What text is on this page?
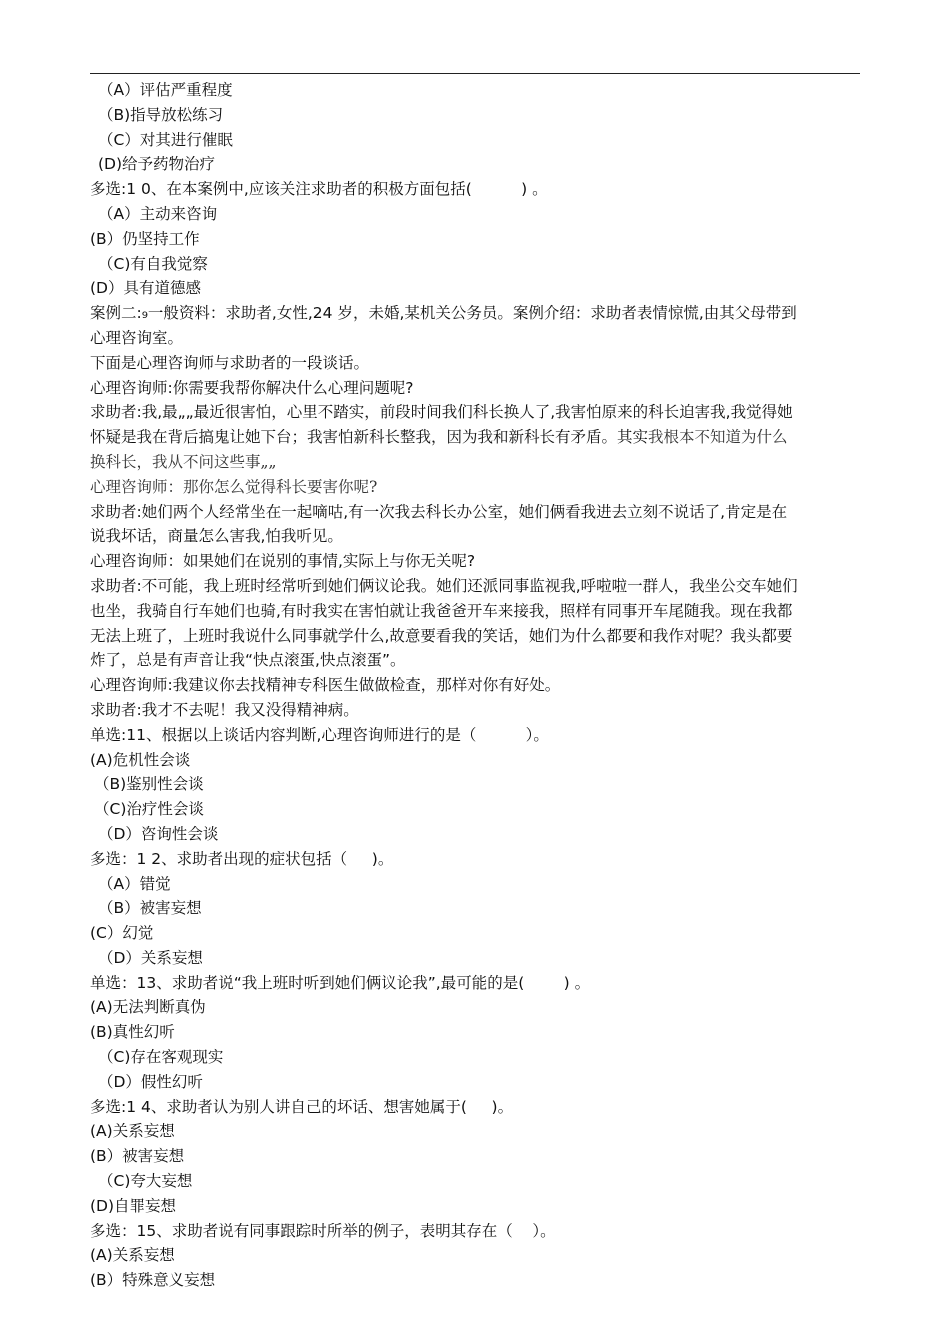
（A）评估严重程度

（B)指导放松练习

（C）对其进行催眠

(D)给予药物治疗

多选:1 0、在本案例中,应该关注求助者的积极方面包括(          ) 。

（A）主动来咨询

(B）仍坚持工作

（C)有自我觉察

(D）具有道德感

案例二:₉一般资料：求助者,女性,24 岁，未婚,某机关公务员。案例介绍：求助者表情惊慌,由其父母带到

心理咨询室。

下面是心理咨询师与求助者的一段谈话。

心理咨询师:你需要我帮你解决什么心理问题呢?

求助者:我,最„„最近很害怕，心里不踏实，前段时间我们科长换人了,我害怕原来的科长迫害我,我觉得她

怀疑是我在背后搞鬼让她下台；我害怕新科长整我，因为我和新科长有矛盾。其实我根本不知道为什么

换科长，我从不问这些事„„

心理咨询师：那你怎么觉得科长要害你呢?

求助者:她们两个人经常坐在一起嘀咕,有一次我去科长办公室，她们俩看我进去立刻不说话了,肯定是在

说我坏话，商量怎么害我,怕我听见。

心理咨询师：如果她们在说别的事情,实际上与你无关呢?

求助者:不可能，我上班时经常听到她们俩议论我。她们还派同事监视我,呼啦啦一群人，我坐公交车她们

也坐，我骑自行车她们也骑,有时我实在害怕就让我爸爸开车来接我，照样有同事开车尾随我。现在我都

无法上班了，上班时我说什么同事就学什么,故意要看我的笑话，她们为什么都要和我作对呢？我头都要

炸了，总是有声音让我“快点滚蛋,快点滚蛋”。

心理咨询师:我建议你去找精神专科医生做做检查，那样对你有好处。

求助者:我才不去呢！我又没得精神病。

单选:11、根据以上谈话内容判断,心理咨询师进行的是（          ）。

(A)危机性会谈

（B)鉴别性会谈

（C)治疗性会谈

（D）咨询性会谈

多选：1 2、求助者出现的症状包括（     )。

（A）错觉

（B）被害妄想

(C）幻觉

（D）关系妄想

单选：13、求助者说“我上班时听到她们俩议论我”,最可能的是(        ) 。

(A)无法判断真伪

(B)真性幻听

（C)存在客观现实

（D）假性幻听

多选:1 4、求助者认为别人讲自己的坏话、想害她属于(     )。

(A)关系妄想

(B）被害妄想

（C)夸大妄想

(D)自罪妄想

多选：15、求助者说有同事跟踪时所举的例子，表明其存在（    ）。

(A)关系妄想

(B）特殊意义妄想
